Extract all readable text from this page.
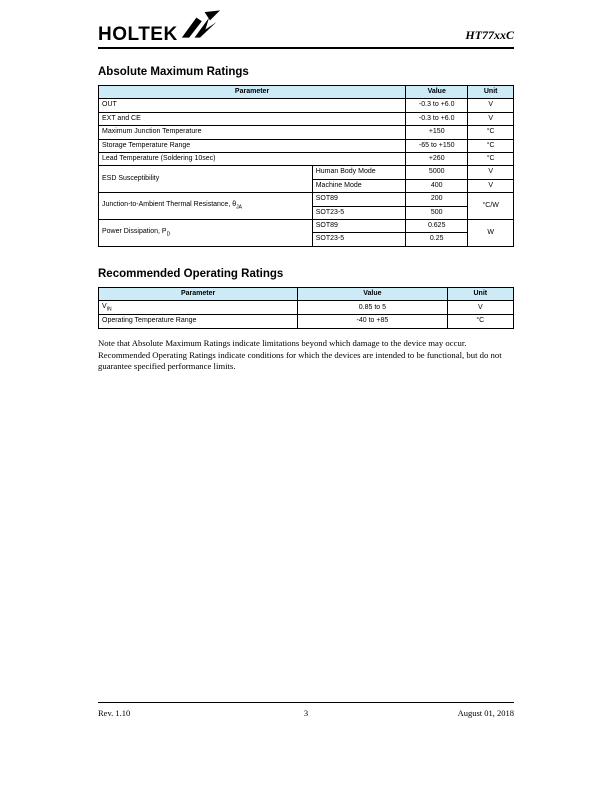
HOLTEK	HT77xxC
Absolute Maximum Ratings
Parameter		Value	Unit
OUT		-0.3 to +6.0	V
EXT and CE		-0.3 to +6.0	V
Maximum Junction Temperature		+150	°C
Storage Temperature Range		-65 to +150	°C
Lead Temperature (Soldering 10sec)		+260	°C
ESD Susceptibility	Human Body Mode	5000	V
	Machine Mode	400	V
Junction-to-Ambient Thermal Resistance, $\theta_{JA}$	SOT89	200	°C/W
	SOT23-5	500	
Power Dissipation, $P_D$	SOT89	0.625	W
	SOT23-5	0.25	
Recommended Operating Ratings
Parameter	Value	Unit
$V_{IN}$	0.85 to 5	V
Operating Temperature Range	-40 to +85	°C
Note that Absolute Maximum Ratings indicate limitations beyond which damage to the device may occur. Recommended Operating Ratings indicate conditions for which the devices are intended to be functional, but do not guarantee specified performance limits.
Rev. 1.10	3	August 01, 2018
